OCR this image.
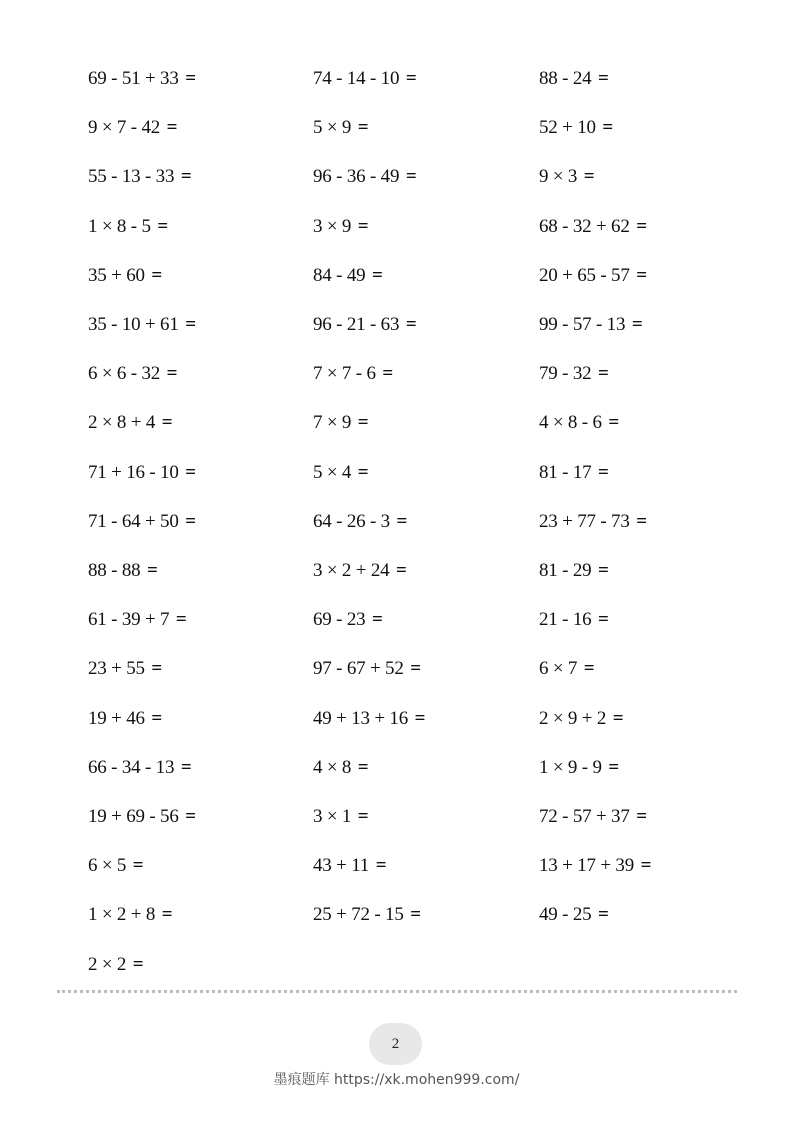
69 - 51 + 33 =	74 - 14 - 10 =	88 - 24 =
9 × 7 - 42 =	5 × 9 =	52 + 10 =
55 - 13 - 33 =	96 - 36 - 49 =	9 × 3 =
1 × 8 - 5 =	3 × 9 =	68 - 32 + 62 =
35 + 60 =	84 - 49 =	20 + 65 - 57 =
35 - 10 + 61 =	96 - 21 - 63 =	99 - 57 - 13 =
6 × 6 - 32 =	7 × 7 - 6 =	79 - 32 =
2 × 8 + 4 =	7 × 9 =	4 × 8 - 6 =
71 + 16 - 10 =	5 × 4 =	81 - 17 =
71 - 64 + 50 =	64 - 26 - 3 =	23 + 77 - 73 =
88 - 88 =	3 × 2 + 24 =	81 - 29 =
61 - 39 + 7 =	69 - 23 =	21 - 16 =
23 + 55 =	97 - 67 + 52 =	6 × 7 =
19 + 46 =	49 + 13 + 16 =	2 × 9 + 2 =
66 - 34 - 13 =	4 × 8 =	1 × 9 - 9 =
19 + 69 - 56 =	3 × 1 =	72 - 57 + 37 =
6 × 5 =	43 + 11 =	13 + 17 + 39 =
1 × 2 + 8 =	25 + 72 - 15 =	49 - 25 =
2 × 2 =
2
墨痕题库 https://xk.mohen999.com/
